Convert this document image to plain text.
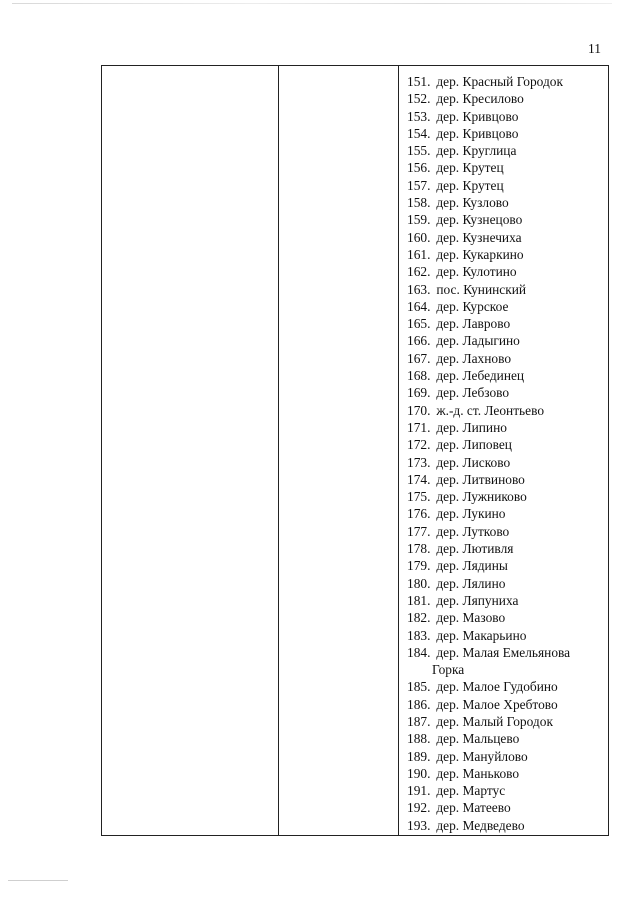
11
151. дер. Красный Городок
152. дер. Кресилово
153. дер. Кривцово
154. дер. Кривцово
155. дер. Круглица
156. дер. Крутец
157. дер. Крутец
158. дер. Кузлово
159. дер. Кузнецово
160. дер. Кузнечиха
161. дер. Кукаркино
162. дер. Кулотино
163. пос. Кунинский
164. дер. Курское
165. дер. Лаврово
166. дер. Ладыгино
167. дер. Лахново
168. дер. Лебединец
169. дер. Лебзово
170. ж.-д. ст. Леонтьево
171. дер. Липино
172. дер. Липовец
173. дер. Лисково
174. дер. Литвиново
175. дер. Лужниково
176. дер. Лукино
177. дер. Лутково
178. дер. Лютивля
179. дер. Лядины
180. дер. Лялино
181. дер. Ляпуниха
182. дер. Мазово
183. дер. Макарьино
184. дер. Малая Емельянова
Горка
185. дер. Малое Гудобино
186. дер. Малое Хребтово
187. дер. Малый Городок
188. дер. Мальцево
189. дер. Мануйлово
190. дер. Маньково
191. дер. Мартус
192. дер. Матеево
193. дер. Медведево
